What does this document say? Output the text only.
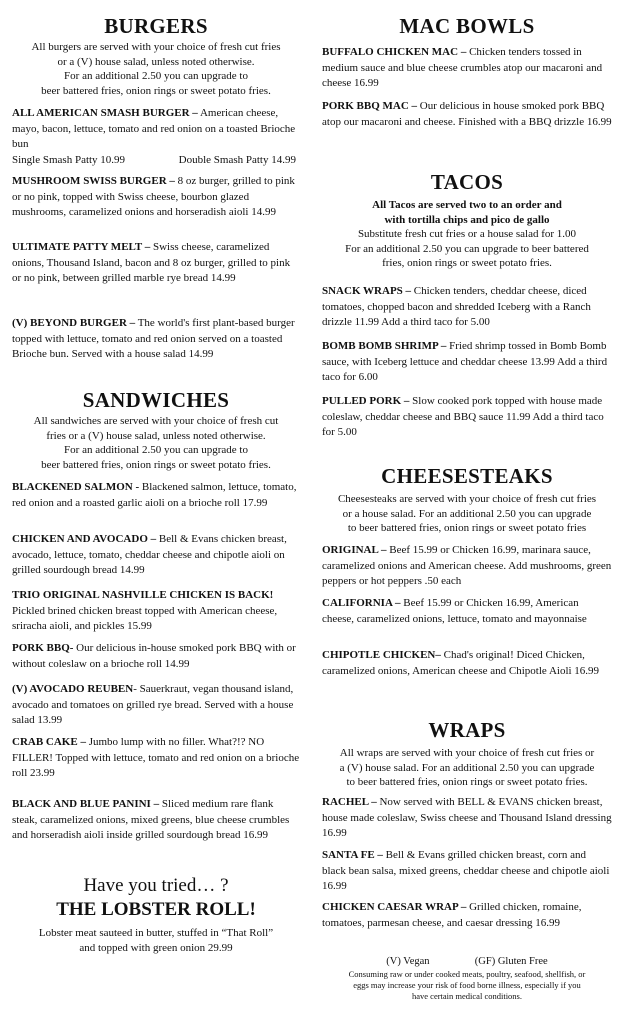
BURGERS

All burgers are served with your choice of fresh cut fries

or a (V) house salad, unless noted otherwise.

For an additional 2.50 you can upgrade to

beer battered fries, onion rings or sweet potato fries.

ALL AMERICAN SMASH BURGER – American cheese, mayo, bacon, lettuce, tomato and red onion on a toasted Brioche bun
Single Smash Patty 10.99	Double Smash Patty 14.99

MUSHROOM SWISS BURGER – 8 oz burger, grilled to pink or no pink, topped with Swiss cheese, bourbon glazed mushrooms, caramelized onions and horseradish aioli 14.99

ULTIMATE PATTY MELT – Swiss cheese, caramelized onions, Thousand Island, bacon and 8 oz burger, grilled to pink or no pink, between grilled marble rye bread 14.99

(V) BEYOND BURGER – The world's first plant-based burger topped with lettuce, tomato and red onion served on a toasted Brioche bun. Served with a house salad 14.99

SANDWICHES

All sandwiches are served with your choice of fresh cut

fries or a (V) house salad, unless noted otherwise.

For an additional 2.50 you can upgrade to

beer battered fries, onion rings or sweet potato fries.

BLACKENED SALMON - Blackened salmon, lettuce, tomato, red onion and a roasted garlic aioli on a brioche roll 17.99

CHICKEN AND AVOCADO – Bell & Evans chicken breast, avocado, lettuce, tomato, cheddar cheese and chipotle aioli on grilled sourdough bread 14.99

TRIO ORIGINAL NASHVILLE CHICKEN IS BACK! Pickled brined chicken breast topped with American cheese, sriracha aioli, and pickles 15.99

PORK BBQ- Our delicious in-house smoked pork BBQ with or without coleslaw on a brioche roll 14.99

(V) AVOCADO REUBEN- Sauerkraut, vegan thousand island, avocado and tomatoes on grilled rye bread. Served with a house salad 13.99

CRAB CAKE – Jumbo lump with no filler. What?!? NO FILLER! Topped with lettuce, tomato and red onion on a brioche roll 23.99

BLACK AND BLUE PANINI – Sliced medium rare flank steak, caramelized onions, mixed greens, blue cheese crumbles and horseradish aioli inside grilled sourdough bread 16.99

Have you tried… ?

THE LOBSTER ROLL!

Lobster meat sauteed in butter, stuffed in “That Roll”

and topped with green onion 29.99

MAC BOWLS

BUFFALO CHICKEN MAC – Chicken tenders tossed in medium sauce and blue cheese crumbles atop our macaroni and cheese 16.99

PORK BBQ MAC – Our delicious in house smoked pork BBQ atop our macaroni and cheese. Finished with a BBQ drizzle 16.99

TACOS

All Tacos are served two to an order and

with tortilla chips and pico de gallo

Substitute fresh cut fries or a house salad for 1.00

For an additional 2.50 you can upgrade to beer battered

fries, onion rings or sweet potato fries.

SNACK WRAPS – Chicken tenders, cheddar cheese, diced tomatoes, chopped bacon and shredded Iceberg with a Ranch drizzle 11.99 Add a third taco for 5.00

BOMB BOMB SHRIMP – Fried shrimp tossed in Bomb Bomb sauce, with Iceberg lettuce and cheddar cheese 13.99 Add a third taco for 6.00

PULLED PORK – Slow cooked pork topped with house made coleslaw, cheddar cheese and BBQ sauce 11.99 Add a third taco for 5.00

CHEESESTEAKS

Cheesesteaks are served with your choice of fresh cut fries

or a house salad. For an additional 2.50 you can upgrade

to beer battered fries, onion rings or sweet potato fries

ORIGINAL – Beef 15.99 or Chicken 16.99, marinara sauce, caramelized onions and American cheese. Add mushrooms, green peppers or hot peppers .50 each

CALIFORNIA – Beef 15.99 or Chicken 16.99, American cheese, caramelized onions, lettuce, tomato and mayonnaise

CHIPOTLE CHICKEN– Chad's original! Diced Chicken, caramelized onions, American cheese and Chipotle Aioli 16.99

WRAPS

All wraps are served with your choice of fresh cut fries or

a (V) house salad. For an additional 2.50 you can upgrade

to beer battered fries, onion rings or sweet potato fries.

RACHEL – Now served with BELL & EVANS chicken breast, house made coleslaw, Swiss cheese and Thousand Island dressing 16.99

SANTA FE – Bell & Evans grilled chicken breast, corn and black bean salsa, mixed greens, cheddar cheese and chipotle aioli 16.99

CHICKEN CAESAR WRAP – Grilled chicken, romaine, tomatoes, parmesan cheese, and caesar dressing 16.99

(V) Vegan	(GF) Gluten Free

Consuming raw or under cooked meats, poultry, seafood, shellfish, or

eggs may increase your risk of food borne illness, especially if you

have certain medical conditions.
